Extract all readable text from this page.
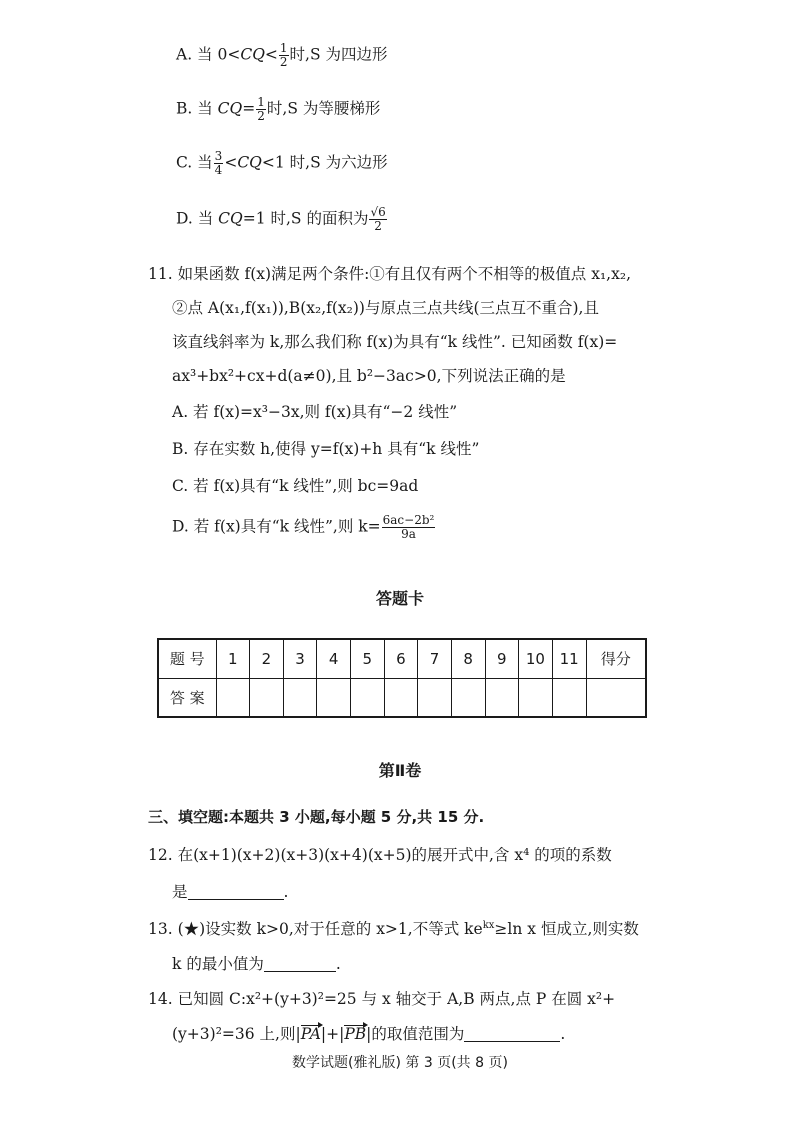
A. 当 $0<CQ< \frac{1}{2}$ 时,S 为四边形
B. 当 $CQ= \frac{1}{2}$ 时,S 为等腰梯形
C. 当 $\frac{3}{4} <CQ<1$ 时,S 为六边形
D. 当 CQ=1 时,S 的面积为 $\frac{√6}{2}$
11. 如果函数 f(x)满足两个条件:①有且仅有两个不相等的极值点 x₁,x₂,
②点 A(x₁,f(x₁)),B(x₂,f(x₂))与原点三点共线(三点互不重合),且
该直线斜率为 k,那么我们称 f(x)为具有“k 线性”. 已知函数 f(x)=
ax³+bx²+cx+d(a≠0),且 b²−3ac>0,下列说法正确的是
A. 若 f(x)=x³−3x,则 f(x)具有“−2 线性”
B. 存在实数 h,使得 y=f(x)+h 具有“k 线性”
C. 若 f(x)具有“k 线性”,则 bc=9ad
D. 若 f(x)具有“k 线性”,则 $k= \frac{\text{6ac−2b²}}{9a}$
答题卡
题 号	1	2	3	4	5	6	7	8	9	10	11	得分
答 案												
第Ⅱ卷
三、填空题:本题共 3 小题,每小题 5 分,共 15 分.
12. 在(x+1)(x+2)(x+3)(x+4)(x+5)的展开式中,含 x⁴ 的项的系数
是	.
13. (★)设实数 k>0,对于任意的 x>1,不等式 $ke^{kx}\ge\ln$ x 恒成立,则实数
k 的最小值为	.
14. 已知圆 C:x²+(y+3)²=25 与 x 轴交于 A,B 两点,点 P 在圆 x²+
(y+3)²=36 上,则|PA|+|PB|的取值范围为	.
数学试题(雅礼版) 第 3 页(共 8 页)
